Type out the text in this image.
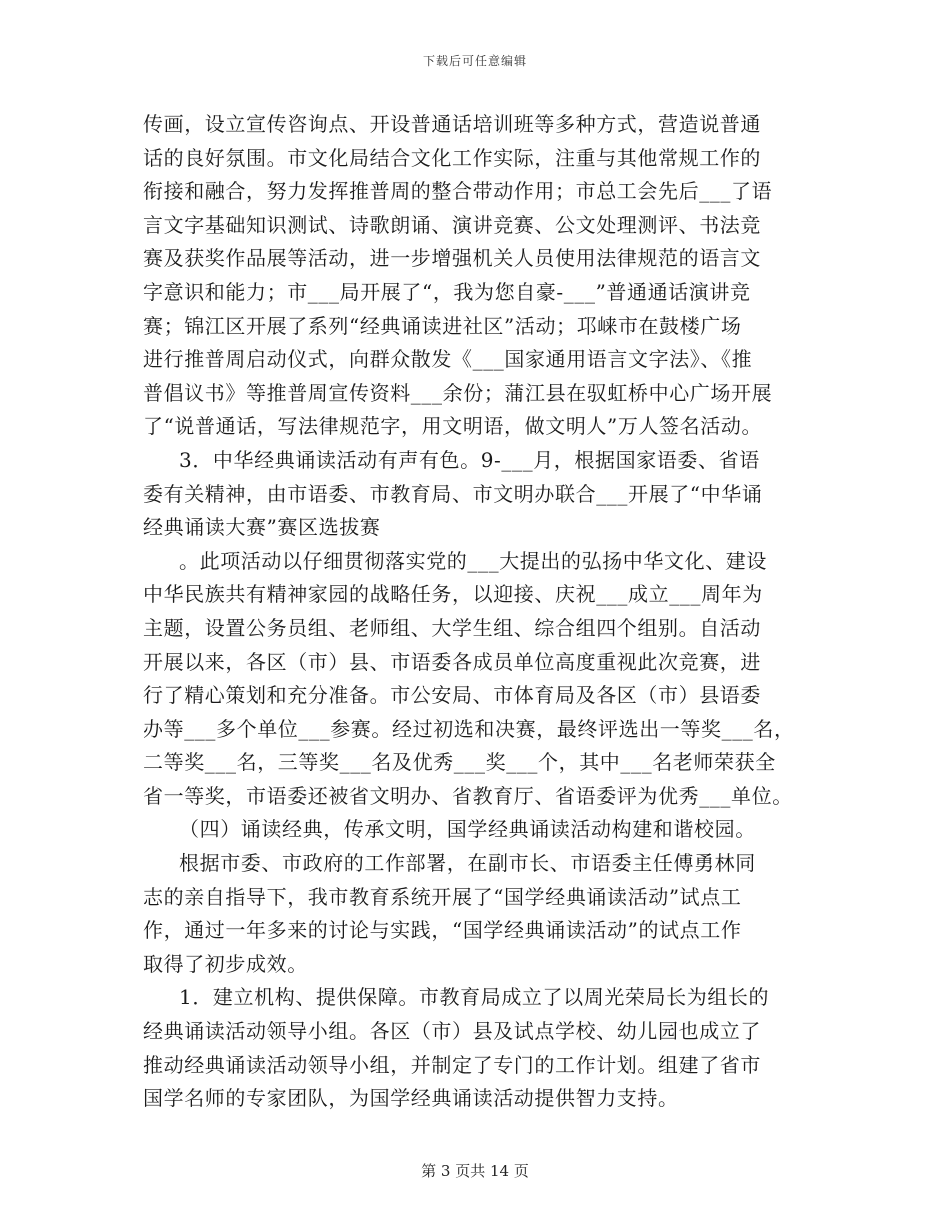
下载后可任意编辑
传画，设立宣传咨询点、开设普通话培训班等多种方式，营造说普通
话的良好氛围。市文化局结合文化工作实际，注重与其他常规工作的
衔接和融合，努力发挥推普周的整合带动作用；市总工会先后___了语
言文字基础知识测试、诗歌朗诵、演讲竞赛、公文处理测评、书法竞
赛及获奖作品展等活动，进一步增强机关人员使用法律规范的语言文
字意识和能力；市___局开展了“，我为您自豪-___”普通通话演讲竞
赛；锦江区开展了系列“经典诵读进社区”活动；邛崃市在鼓楼广场
进行推普周启动仪式，向群众散发《___国家通用语言文字法》、《推
普倡议书》等推普周宣传资料___余份；蒲江县在驭虹桥中心广场开展
了“说普通话，写法律规范字，用文明语，做文明人”万人签名活动。
3．中华经典诵读活动有声有色。9-___月，根据国家语委、省语
委有关精神，由市语委、市教育局、市文明办联合___开展了“中华诵
经典诵读大赛”赛区选拔赛
。此项活动以仔细贯彻落实党的___大提出的弘扬中华文化、建设
中华民族共有精神家园的战略任务，以迎接、庆祝___成立___周年为
主题，设置公务员组、老师组、大学生组、综合组四个组别。自活动
开展以来，各区（市）县、市语委各成员单位高度重视此次竞赛，进
行了精心策划和充分准备。市公安局、市体育局及各区（市）县语委
办等___多个单位___参赛。经过初选和决赛，最终评选出一等奖___名，
二等奖___名，三等奖___名及优秀___奖___个，其中___名老师荣获全
省一等奖，市语委还被省文明办、省教育厅、省语委评为优秀___单位。
（四）诵读经典，传承文明，国学经典诵读活动构建和谐校园。
根据市委、市政府的工作部署，在副市长、市语委主任傅勇林同
志的亲自指导下，我市教育系统开展了“国学经典诵读活动”试点工
作，通过一年多来的讨论与实践，“国学经典诵读活动”的试点工作
取得了初步成效。
1．建立机构、提供保障。市教育局成立了以周光荣局长为组长的
经典诵读活动领导小组。各区（市）县及试点学校、幼儿园也成立了
推动经典诵读活动领导小组，并制定了专门的工作计划。组建了省市
国学名师的专家团队，为国学经典诵读活动提供智力支持。
第 3 页共 14 页
